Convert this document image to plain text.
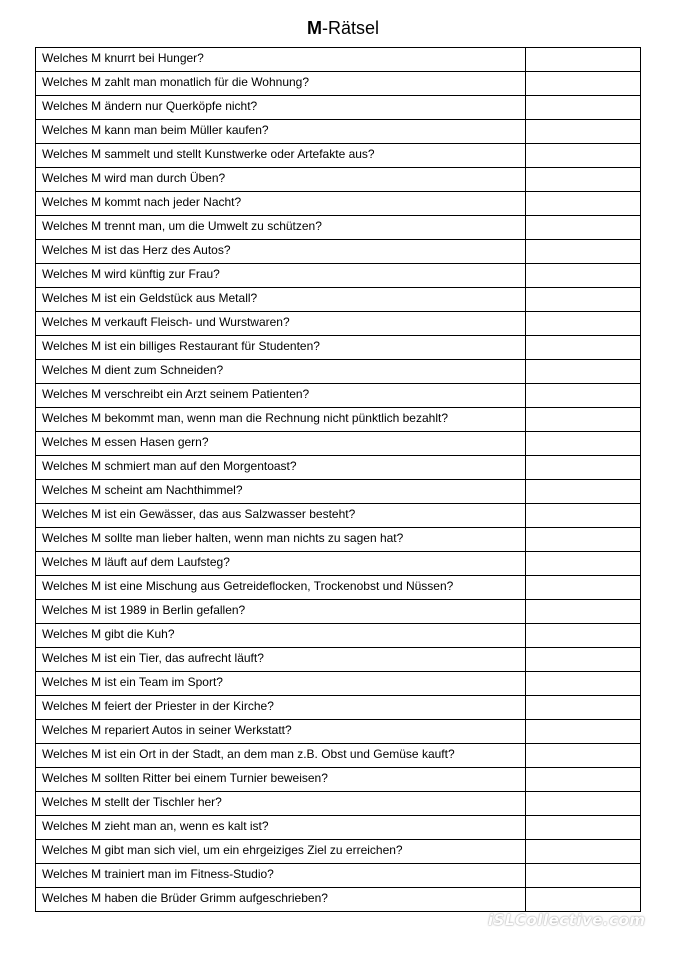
M-Rätsel
Welches M knurrt bei Hunger?	
Welches M zahlt man monatlich für die Wohnung?	
Welches M ändern nur Querköpfe nicht?	
Welches M kann man beim Müller kaufen?	
Welches M sammelt und stellt Kunstwerke oder Artefakte aus?	
Welches M wird man durch Üben?	
Welches M kommt nach jeder Nacht?	
Welches M trennt man, um die Umwelt zu schützen?	
Welches M ist das Herz des Autos?	
Welches M wird künftig zur Frau?	
Welches M ist ein Geldstück aus Metall?	
Welches M verkauft Fleisch- und Wurstwaren?	
Welches M ist ein billiges Restaurant für Studenten?	
Welches M dient zum Schneiden?	
Welches M verschreibt ein Arzt seinem Patienten?	
Welches M bekommt man, wenn man die Rechnung nicht pünktlich bezahlt?	
Welches M essen Hasen gern?	
Welches M schmiert man auf den Morgentoast?	
Welches M scheint am Nachthimmel?	
Welches M ist ein Gewässer, das aus Salzwasser besteht?	
Welches M sollte man lieber halten, wenn man nichts zu sagen hat?	
Welches M läuft auf dem Laufsteg?	
Welches M ist eine Mischung aus Getreideflocken, Trockenobst und Nüssen?	
Welches M ist 1989 in Berlin gefallen?	
Welches M gibt die Kuh?	
Welches M ist ein Tier, das aufrecht läuft?	
Welches M ist ein Team im Sport?	
Welches M feiert der Priester in der Kirche?	
Welches M repariert Autos in seiner Werkstatt?	
Welches M ist ein Ort in der Stadt, an dem man z.B. Obst und Gemüse kauft?	
Welches M sollten Ritter bei einem Turnier beweisen?	
Welches M stellt der Tischler her?	
Welches M zieht man an, wenn es kalt ist?	
Welches M gibt man sich viel, um ein ehrgeiziges Ziel zu erreichen?	
Welches M trainiert man im Fitness-Studio?	
Welches M haben die Brüder Grimm aufgeschrieben?	
iSLCollective.com
